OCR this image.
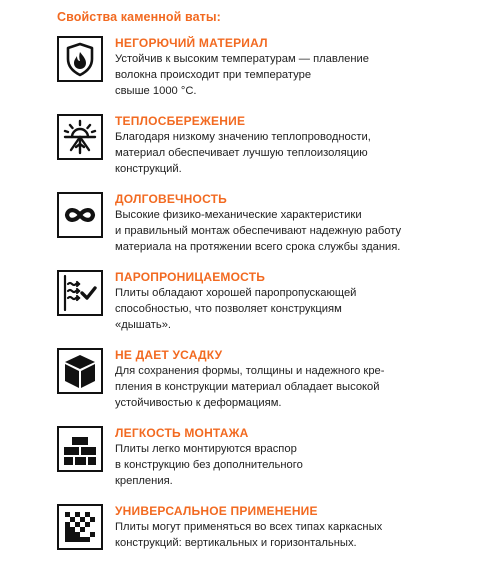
Свойства каменной ваты:
НЕГОРЮЧИЙ МАТЕРИАЛ
Устойчив к высоким температурам — плавление
волокна происходит при температуре
свыше 1000 °С.
ТЕПЛОСБЕРЕЖЕНИЕ
Благодаря низкому значению теплопроводности,
материал обеспечивает лучшую теплоизоляцию
конструкций.
ДОЛГОВЕЧНОСТЬ
Высокие физико-механические характеристики
и правильный монтаж обеспечивают надежную работу
материала на протяжении всего срока службы здания.
ПАРОПРОНИЦАЕМОСТЬ
Плиты обладают хорошей паропропускающей
способностью, что позволяет конструкциям
«дышать».
НЕ ДАЕТ УСАДКУ
Для сохранения формы, толщины и надежного кре-
пления в конструкции материал обладает высокой
устойчивостью к деформациям.
ЛЕГКОСТЬ МОНТАЖА
Плиты легко монтируются враспор
в конструкцию без дополнительного
крепления.
УНИВЕРСАЛЬНОЕ ПРИМЕНЕНИЕ
Плиты могут применяться во всех типах каркасных
конструкций: вертикальных и горизонтальных.
